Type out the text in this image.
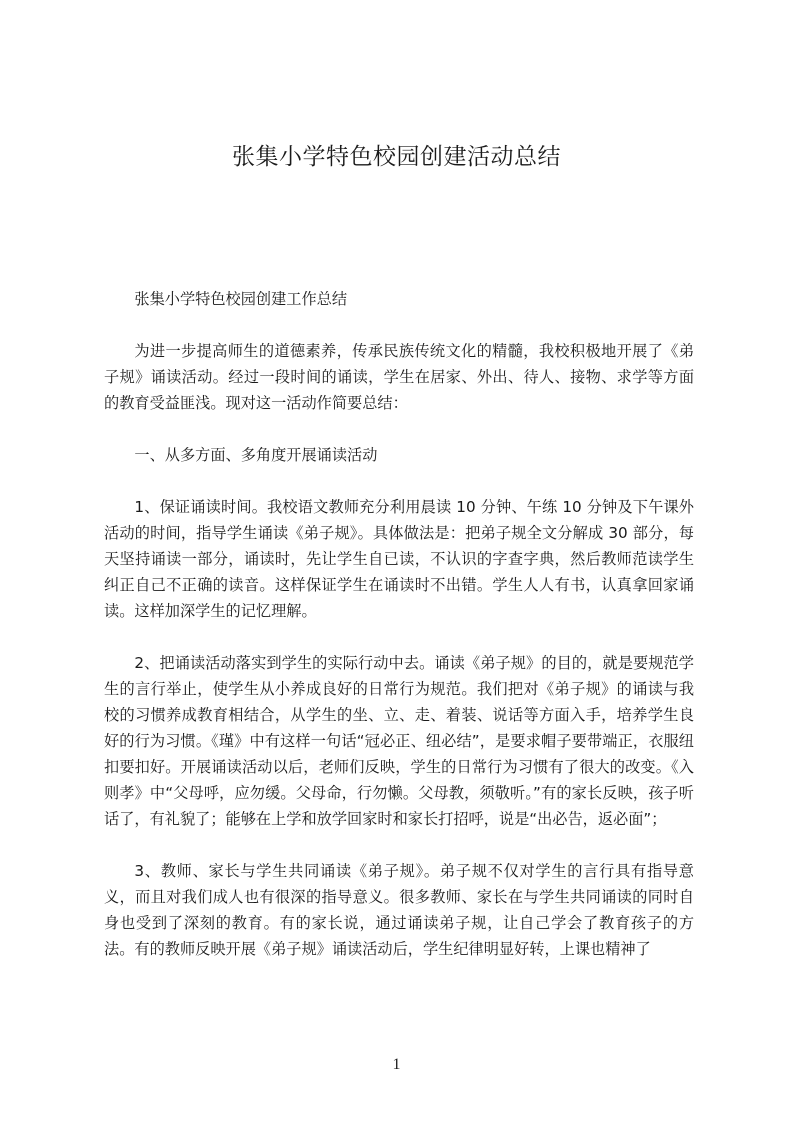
张集小学特色校园创建活动总结

张集小学特色校园创建工作总结

为进一步提高师生的道德素养，传承民族传统文化的精髓，我校积极地开展了《弟子规》诵读活动。经过一段时间的诵读，学生在居家、外出、待人、接物、求学等方面的教育受益匪浅。现对这一活动作简要总结：

一、从多方面、多角度开展诵读活动

1、保证诵读时间。我校语文教师充分利用晨读 10 分钟、午练 10 分钟及下午课外活动的时间，指导学生诵读《弟子规》。具体做法是：把弟子规全文分解成 30 部分，每天坚持诵读一部分，诵读时，先让学生自已读，不认识的字查字典，然后教师范读学生纠正自己不正确的读音。这样保证学生在诵读时不出错。学生人人有书，认真拿回家诵读。这样加深学生的记忆理解。

2、把诵读活动落实到学生的实际行动中去。诵读《弟子规》的目的，就是要规范学生的言行举止，使学生从小养成良好的日常行为规范。我们把对《弟子规》的诵读与我校的习惯养成教育相结合，从学生的坐、立、走、着装、说话等方面入手，培养学生良好的行为习惯。《瑾》中有这样一句话“冠必正、纽必结”，是要求帽子要带端正，衣服纽扣要扣好。开展诵读活动以后，老师们反映，学生的日常行为习惯有了很大的改变。《入则孝》中“父母呼，应勿缓。父母命，行勿懒。父母教，须敬听。”有的家长反映，孩子听话了，有礼貌了；能够在上学和放学回家时和家长打招呼，说是“出必告，返必面”；

3、教师、家长与学生共同诵读《弟子规》。弟子规不仅对学生的言行具有指导意义，而且对我们成人也有很深的指导意义。很多教师、家长在与学生共同诵读的同时自身也受到了深刻的教育。有的家长说，通过诵读弟子规，让自己学会了教育孩子的方法。有的教师反映开展《弟子规》诵读活动后，学生纪律明显好转，上课也精神了

1
